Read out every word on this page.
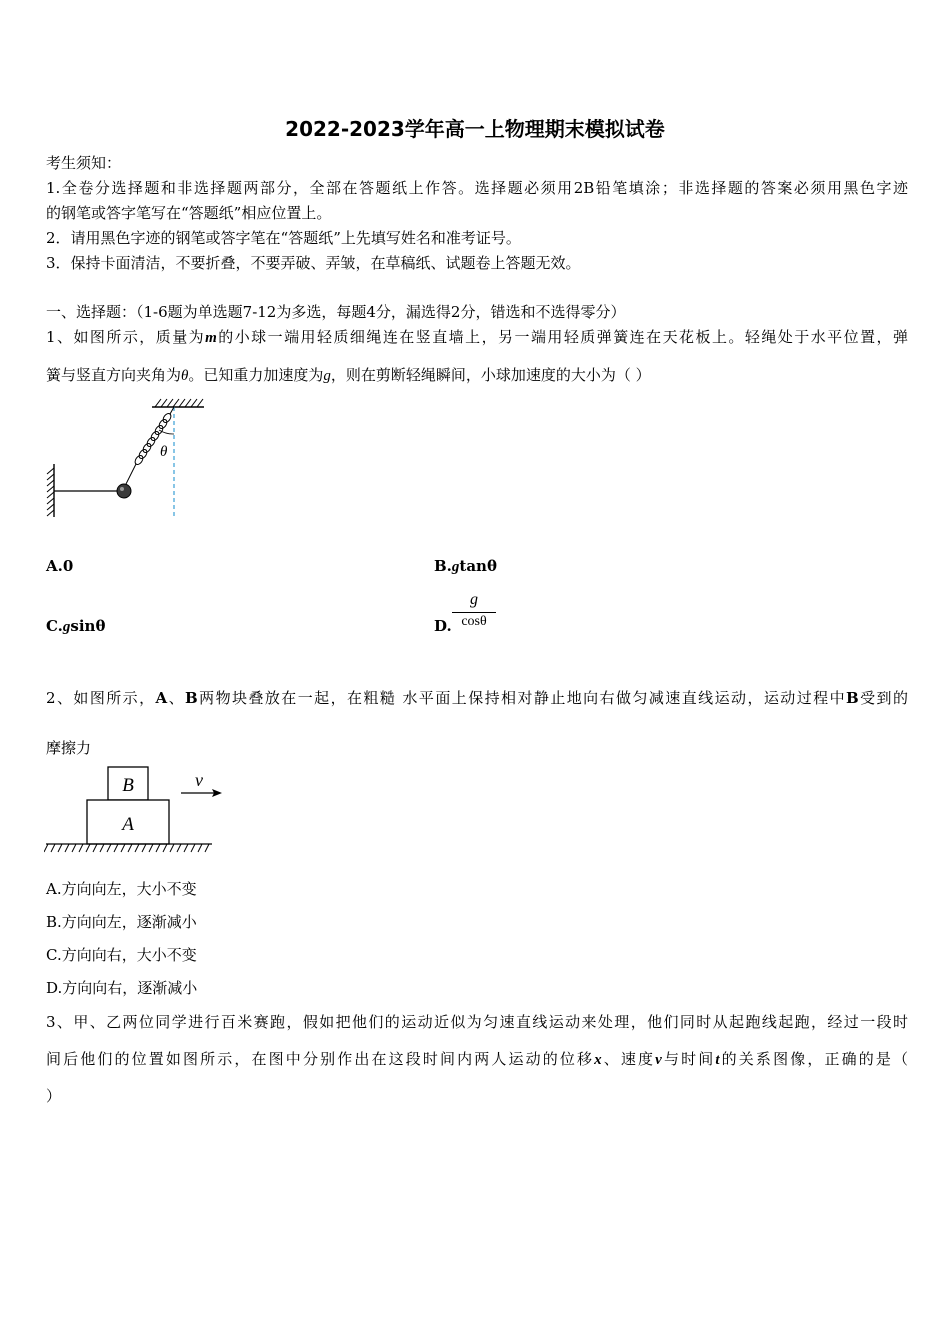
2022-2023学年高一上物理期末模拟试卷
考生须知：
1.全卷分选择题和非选择题两部分，全部在答题纸上作答。选择题必须用2B铅笔填涂；非选择题的答案必须用黑色字迹
的钢笔或答字笔写在“答题纸”相应位置上。
2．请用黑色字迹的钢笔或答字笔在“答题纸”上先填写姓名和准考证号。
3．保持卡面清洁，不要折叠，不要弄破、弄皱，在草稿纸、试题卷上答题无效。
一、选择题：（1-6题为单选题7-12为多选，每题4分，漏选得2分，错选和不选得零分）
1、如图所示，质量为m的小球一端用轻质细绳连在竖直墙上，另一端用轻质弹簧连在天花板上。轻绳处于水平位置，弹
簧与竖直方向夹角为θ。已知重力加速度为g，则在剪断轻绳瞬间，小球加速度的大小为（ ）
θ
A.0	B.gtanθ
C.gsinθ	D.
g
cosθ
2、如图所示，A、B两物块叠放在一起，在粗糙 水平面上保持相对静止地向右做匀减速直线运动，运动过程中B受到的
摩擦力
B
A
v
A.方向向左，大小不变
B.方向向左，逐渐减小
C.方向向右，大小不变
D.方向向右，逐渐减小
3、甲、乙两位同学进行百米赛跑，假如把他们的运动近似为匀速直线运动来处理，他们同时从起跑线起跑，经过一段时
间后他们的位置如图所示，在图中分别作出在这段时间内两人运动的位移x、速度v与时间t的关系图像，正确的是（
）
